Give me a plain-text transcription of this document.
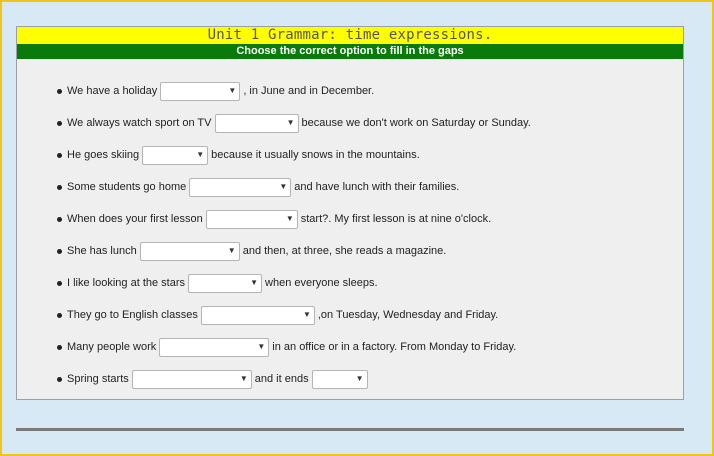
Unit 1 Grammar: time expressions.
Choose the correct option to fill in the gaps
We have a holiday	▼ , in June and in December.
We always watch sport on TV	▼ because we don't work on Saturday or Sunday.
He goes skiing	▼ because it usually snows in the mountains.
Some students go home	▼ and have lunch with their families.
When does your first lesson	▼ start?. My first lesson is at nine o'clock.
She has lunch	▼ and then, at three, she reads a magazine.
I like looking at the stars	▼ when everyone sleeps.
They go to English classes	▼ ,on Tuesday, Wednesday and Friday.
Many people work	▼ in an office or in a factory. From Monday to Friday.
Spring starts	▼ and it ends	▼
